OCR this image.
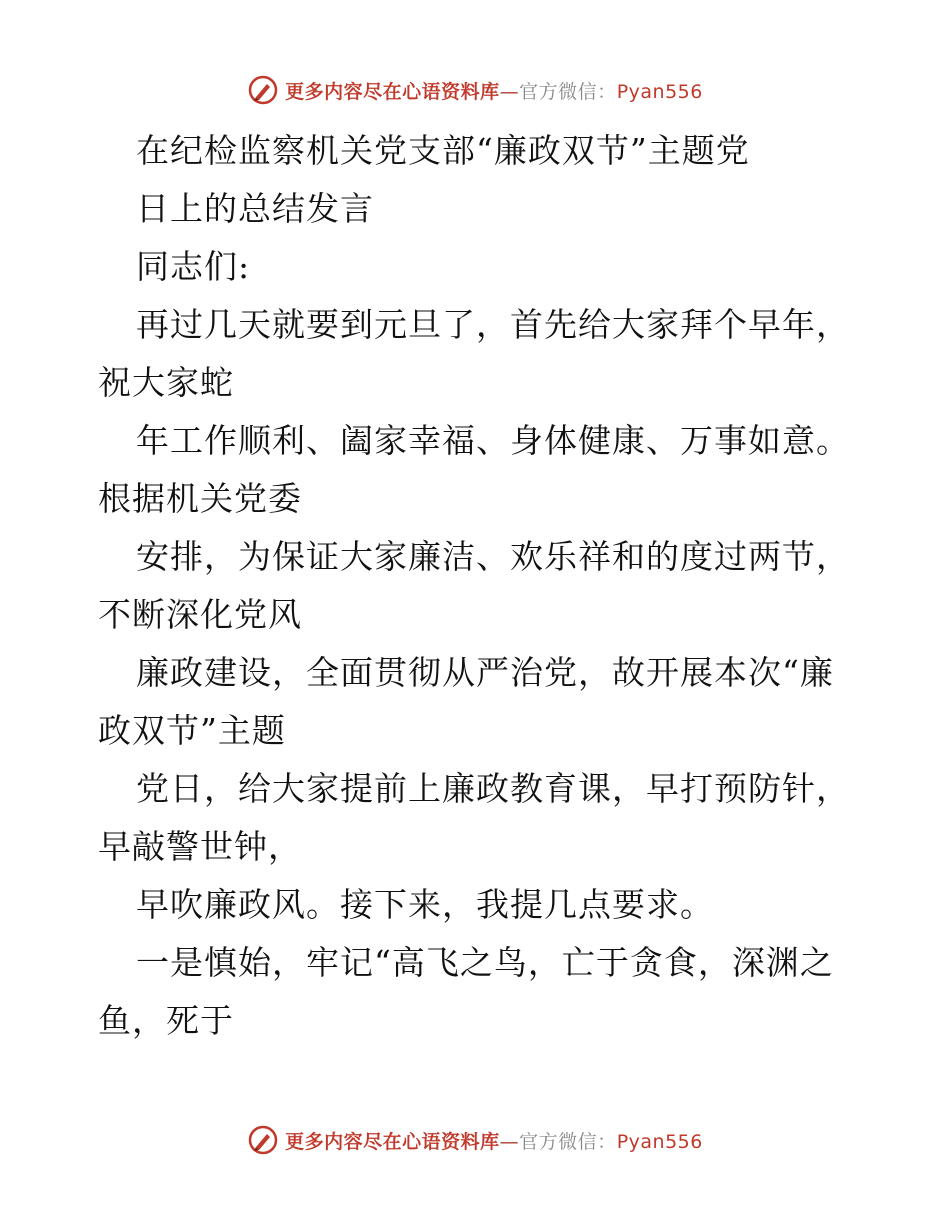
更多内容尽在心语资料库—官方微信：Pyan556
在纪检监察机关党支部“廉政双节”主题党
日上的总结发言
同志们:
再过几天就要到元旦了，首先给大家拜个早年，
祝大家蛇
年工作顺利、阖家幸福、身体健康、万事如意。
根据机关党委
安排，为保证大家廉洁、欢乐祥和的度过两节，
不断深化党风
廉政建设，全面贯彻从严治党，故开展本次“廉
政双节”主题
党日，给大家提前上廉政教育课，早打预防针，
早敲警世钟，
早吹廉政风。接下来，我提几点要求。
一是慎始，牢记“高飞之鸟，亡于贪食，深渊之
鱼，死于
更多内容尽在心语资料库—官方微信：Pyan556
